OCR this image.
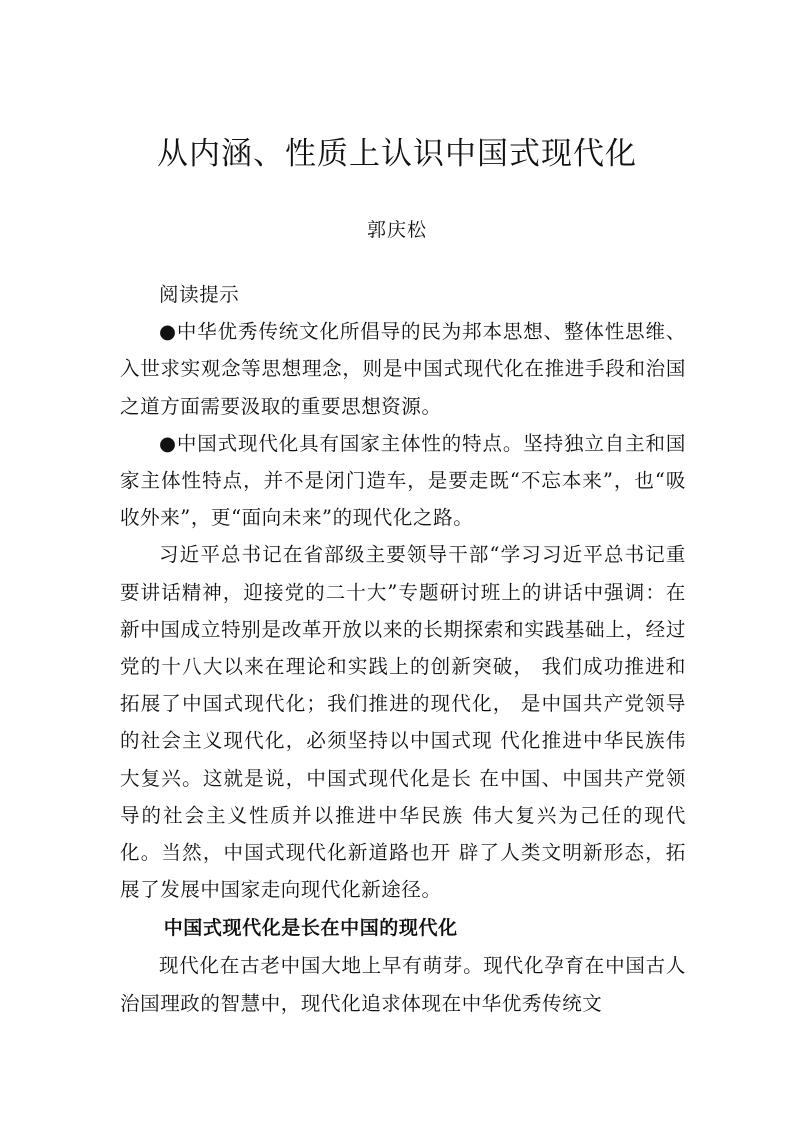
从内涵、性质上认识中国式现代化
郭庆松

阅读提示

●中华优秀传统文化所倡导的民为邦本思想、整体性思维、入世求实观念等思想理念，则是中国式现代化在推进手段和治国之道方面需要汲取的重要思想资源。

●中国式现代化具有国家主体性的特点。坚持独立自主和国家主体性特点，并不是闭门造车，是要走既“不忘本来”，也“吸收外来”，更“面向未来”的现代化之路。

习近平总书记在省部级主要领导干部“学习习近平总书记重要讲话精神，迎接党的二十大”专题研讨班上的讲话中强调：在新中国成立特别是改革开放以来的长期探索和实践基础上，经过党的十八大以来在理论和实践上的创新突破， 我们成功推进和拓展了中国式现代化；我们推进的现代化， 是中国共产党领导的社会主义现代化，必须坚持以中国式现 代化推进中华民族伟大复兴。这就是说，中国式现代化是长 在中国、中国共产党领导的社会主义性质并以推进中华民族 伟大复兴为己任的现代化。当然，中国式现代化新道路也开 辟了人类文明新形态，拓展了发展中国家走向现代化新途径。

中国式现代化是长在中国的现代化

现代化在古老中国大地上早有萌芽。现代化孕育在中国古人治国理政的智慧中，现代化追求体现在中华优秀传统文
